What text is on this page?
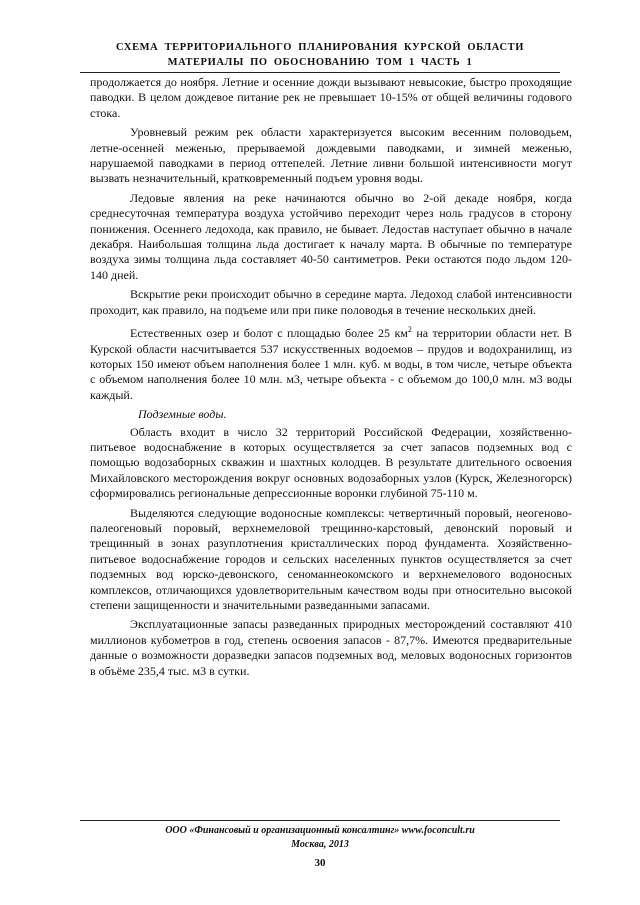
СХЕМА ТЕРРИТОРИАЛЬНОГО ПЛАНИРОВАНИЯ КУРСКОЙ ОБЛАСТИ
МАТЕРИАЛЫ ПО ОБОСНОВАНИЮ ТОМ 1 ЧАСТЬ 1

продолжается до ноября. Летние и осенние дожди вызывают невысокие, быстро проходящие паводки. В целом дождевое питание рек не превышает 10-15% от общей величины годового стока.

Уровневый режим рек области характеризуется высоким весенним половодьем, летне-осенней меженью, прерываемой дождевыми паводками, и зимней меженью, нарушаемой паводками в период оттепелей. Летние ливни большой интенсивности могут вызвать незначительный, кратковременный подъем уровня воды.

Ледовые явления на реке начинаются обычно во 2-ой декаде ноября, когда среднесуточная температура воздуха устойчиво переходит через ноль градусов в сторону понижения. Осеннего ледохода, как правило, не бывает. Ледостав наступает обычно в начале декабря. Наибольшая толщина льда достигает к началу марта. В обычные по температуре воздуха зимы толщина льда составляет 40-50 сантиметров. Реки остаются подо льдом 120-140 дней.

Вскрытие реки происходит обычно в середине марта. Ледоход слабой интенсивности проходит, как правило, на подъеме или при пике половодья в течение нескольких дней.

Естественных озер и болот с площадью более 25 $км^2$ на территории области нет. В Курской области насчитывается 537 искусственных водоемов – прудов и водохранилищ, из которых 150 имеют объем наполнения более 1 млн. куб. м воды, в том числе, четыре объекта с объемом наполнения более 10 млн. м3, четыре объекта - с объемом до 100,0 млн. м3 воды каждый.

Подземные воды.

Область входит в число 32 территорий Российской Федерации, хозяйственно-питьевое водоснабжение в которых осуществляется за счет запасов подземных вод с помощью водозаборных скважин и шахтных колодцев. В результате длительного освоения Михайловского месторождения вокруг основных водозаборных узлов (Курск, Железногорск) сформировались региональные депрессионные воронки глубиной 75-110 м.

Выделяются следующие водоносные комплексы: четвертичный поровый, неогеново-палеогеновый поровый, верхнемеловой трещинно-карстовый, девонский поровый и трещинный в зонах разуплотнения кристаллических пород фундамента. Хозяйственно-питьевое водоснабжение городов и сельских населенных пунктов осуществляется за счет подземных вод юрско-девонского, сеноманнеокомского и верхнемелового водоносных комплексов, отличающихся удовлетворительным качеством воды при относительно высокой степени защищенности и значительными разведанными запасами.

Эксплуатационные запасы разведанных природных месторождений составляют 410 миллионов кубометров в год, степень освоения запасов - 87,7%. Имеются предварительные данные о возможности доразведки запасов подземных вод, меловых водоносных горизонтов в объёме 235,4 тыс. м3 в сутки.

ООО «Финансовый и организационный консалтинг» www.foconcult.ru
Москва, 2013
30
